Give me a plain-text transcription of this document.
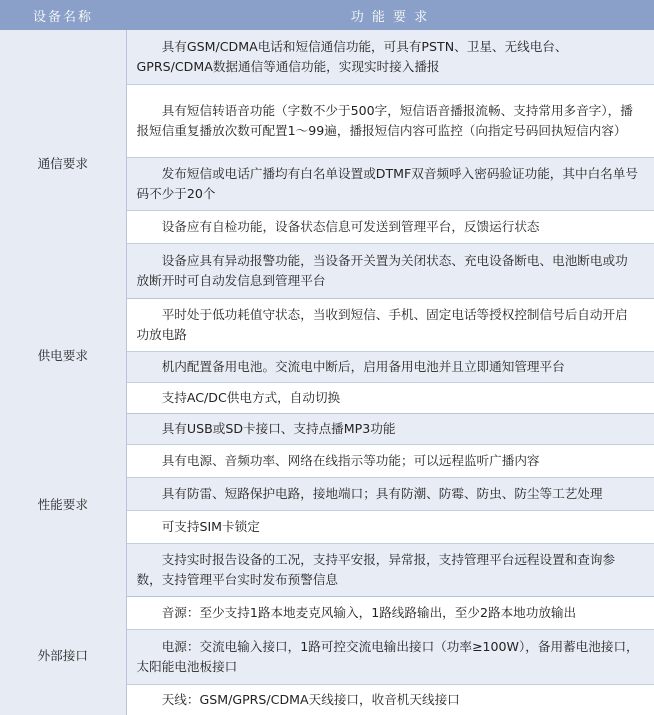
设备名称	功 能 要 求
通信要求	具有GSM/CDMA电话和短信通信功能，可具有PSTN、卫星、无线电台、GPRS/CDMA数据通信等通信功能，实现实时接入播报
	具有短信转语音功能（字数不少于500字，短信语音播报流畅、支持常用多音字），播报短信重复播放次数可配置1～99遍，播报短信内容可监控（向指定号码回执短信内容）
	发布短信或电话广播均有白名单设置或DTMF双音频呼入密码验证功能，其中白名单号码不少于20个
	设备应有自检功能，设备状态信息可发送到管理平台，反馈运行状态
	设备应具有异动报警功能，当设备开关置为关闭状态、充电设备断电、电池断电或功放断开时可自动发信息到管理平台
供电要求	平时处于低功耗值守状态，当收到短信、手机、固定电话等授权控制信号后自动开启功放电路
	机内配置备用电池。交流电中断后，启用备用电池并且立即通知管理平台
	支持AC/DC供电方式，自动切换
性能要求	具有USB或SD卡接口、支持点播MP3功能
	具有电源、音频功率、网络在线指示等功能；可以远程监听广播内容
	具有防雷、短路保护电路，接地端口；具有防潮、防霉、防虫、防尘等工艺处理
	可支持SIM卡锁定
	支持实时报告设备的工况，支持平安报，异常报，支持管理平台远程设置和查询参数，支持管理平台实时发布预警信息
外部接口	音源：至少支持1路本地麦克风输入，1路线路输出，至少2路本地功放输出
	电源：交流电输入接口，1路可控交流电输出接口（功率≥100W），备用蓄电池接口，太阳能电池板接口
	天线：GSM/GPRS/CDMA天线接口，收音机天线接口
